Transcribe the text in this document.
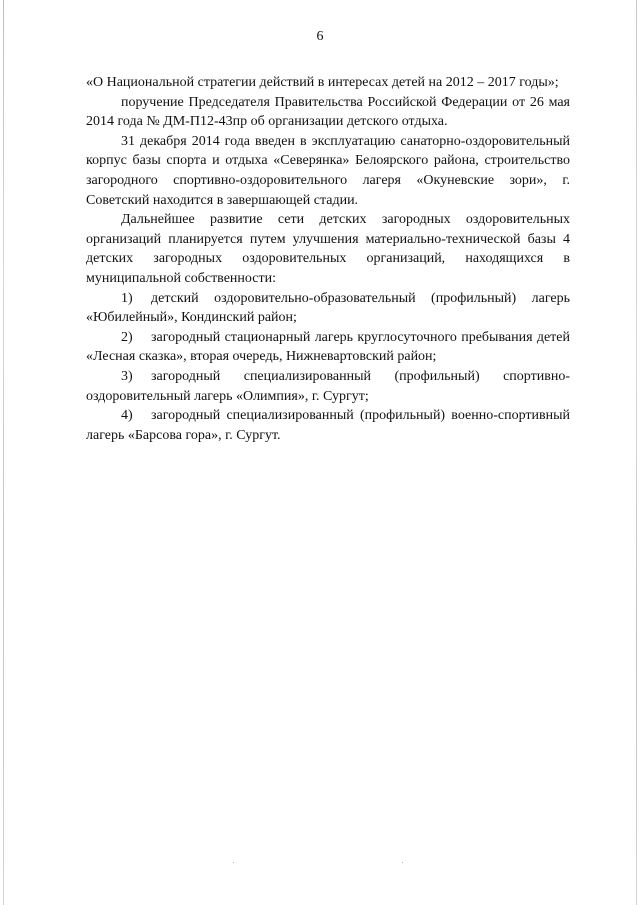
6

«О Национальной стратегии действий в интересах детей на 2012 – 2017 годы»;

поручение Председателя Правительства Российской Федерации от 26 мая 2014 года № ДМ-П12-43пр об организации детского отдыха.

31 декабря 2014 года введен в эксплуатацию санаторно-оздоровительный корпус базы спорта и отдыха «Северянка» Белоярского района, строительство загородного спортивно-оздоровительного лагеря «Окуневские зори», г. Советский находится в завершающей стадии.

Дальнейшее развитие сети детских загородных оздоровительных организаций планируется путем улучшения материально-технической базы 4 детских загородных оздоровительных организаций, находящихся в муниципальной собственности:

1) детский оздоровительно-образовательный (профильный) лагерь «Юбилейный», Кондинский район;

2) загородный стационарный лагерь круглосуточного пребывания детей «Лесная сказка», вторая очередь, Нижневартовский район;

3) загородный специализированный (профильный) спортивно-оздоровительный лагерь «Олимпия», г. Сургут;

4) загородный специализированный (профильный) военно-спортивный лагерь «Барсова гора», г. Сургут.
